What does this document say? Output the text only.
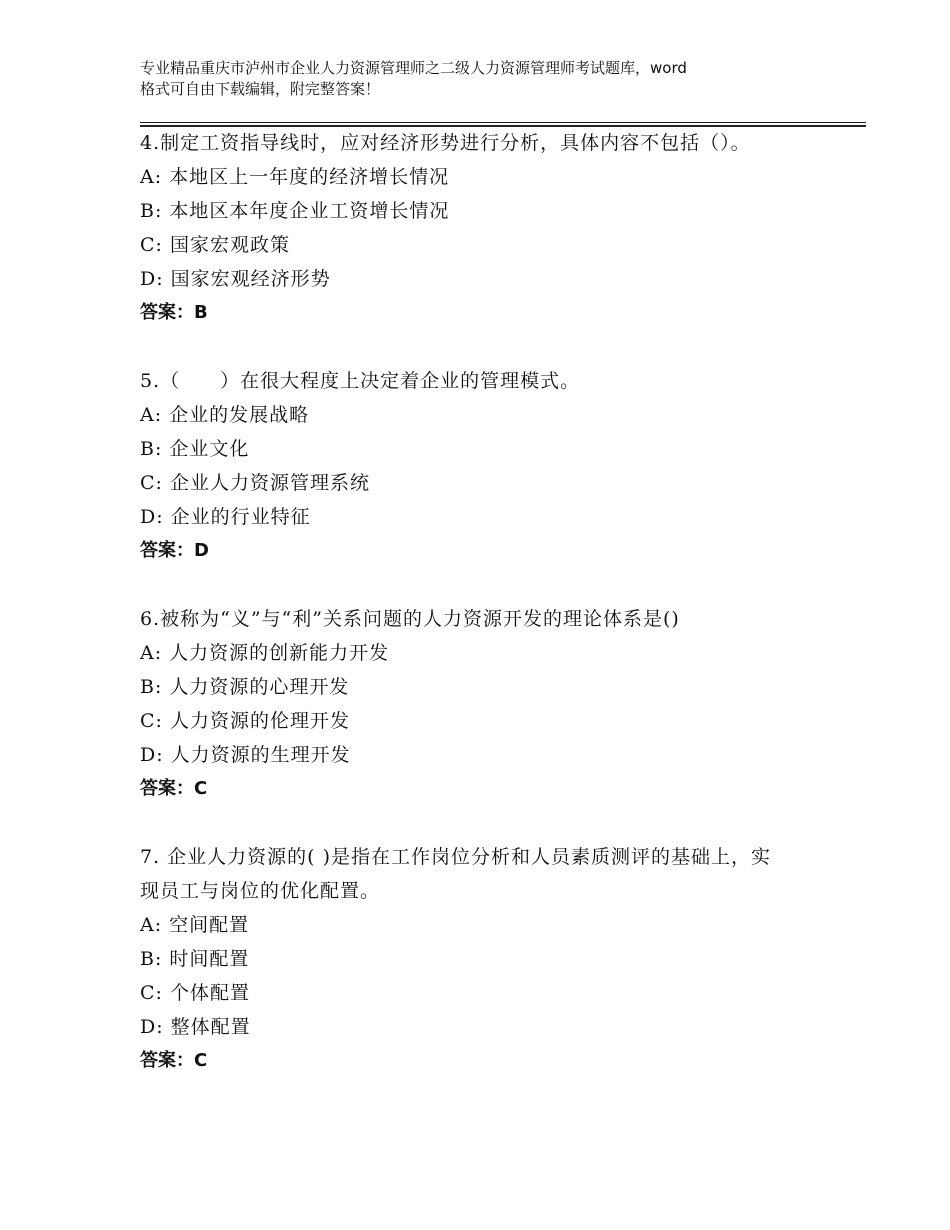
专业精品重庆市泸州市企业人力资源管理师之二级人力资源管理师考试题库，word
格式可自由下载编辑，附完整答案！
4.制定工资指导线时，应对经济形势进行分析，具体内容不包括（）。
A: 本地区上一年度的经济增长情况
B: 本地区本年度企业工资增长情况
C: 国家宏观政策
D: 国家宏观经济形势
答案：B
5.（　　）在很大程度上决定着企业的管理模式。
A: 企业的发展战略
B: 企业文化
C: 企业人力资源管理系统
D: 企业的行业特征
答案：D
6.被称为“义”与“利”关系问题的人力资源开发的理论体系是()
A: 人力资源的创新能力开发
B: 人力资源的心理开发
C: 人力资源的伦理开发
D: 人力资源的生理开发
答案：C
7. 企业人力资源的( )是指在工作岗位分析和人员素质测评的基础上，实现员工与岗位的优化配置。
A: 空间配置
B: 时间配置
C: 个体配置
D: 整体配置
答案：C
